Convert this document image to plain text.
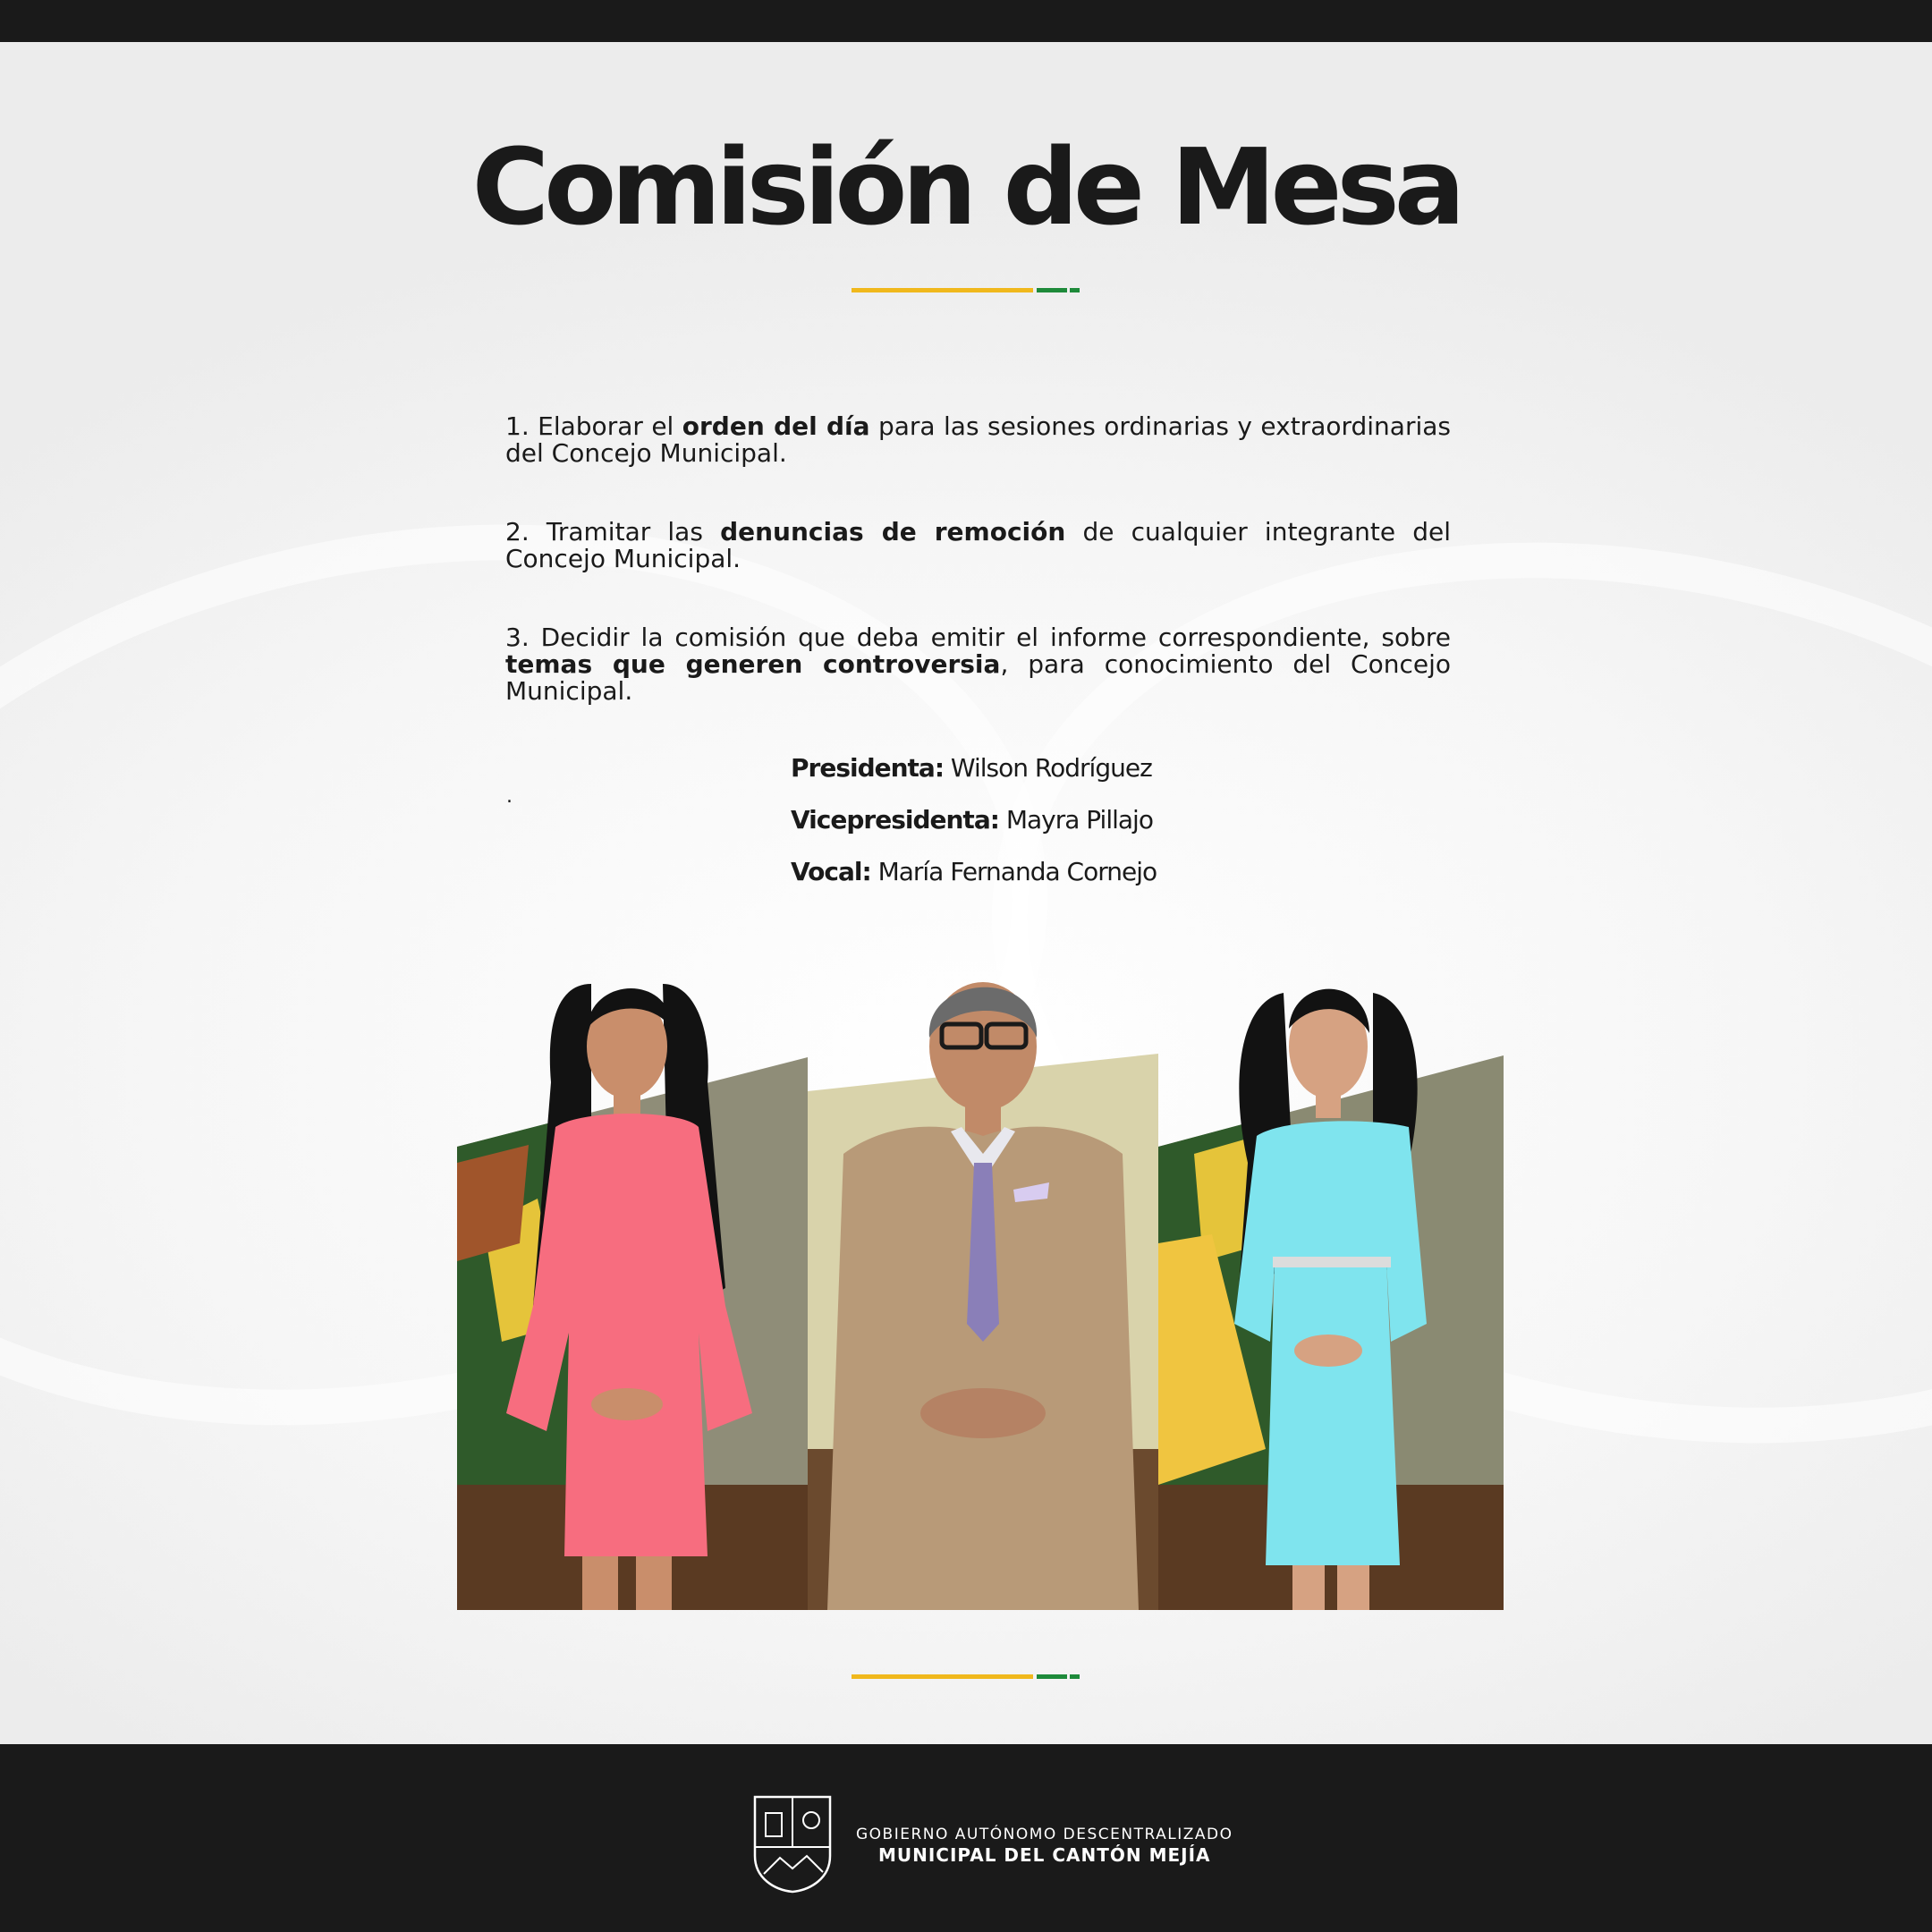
Comisión de Mesa

1. Elaborar el orden del día para las sesiones ordinarias y extraordinarias del Concejo Municipal.

2. Tramitar las denuncias de remoción de cualquier integrante del Concejo Municipal.

3. Decidir la comisión que deba emitir el informe correspondiente, sobre temas que generen controversia, para conocimiento del Concejo Municipal.

.

Presidenta: Wilson Rodríguez

Vicepresidenta: Mayra Pillajo

Vocal: María Fernanda Cornejo

GOBIERNO AUTÓNOMO DESCENTRALIZADO
MUNICIPAL DEL CANTÓN MEJÍA
